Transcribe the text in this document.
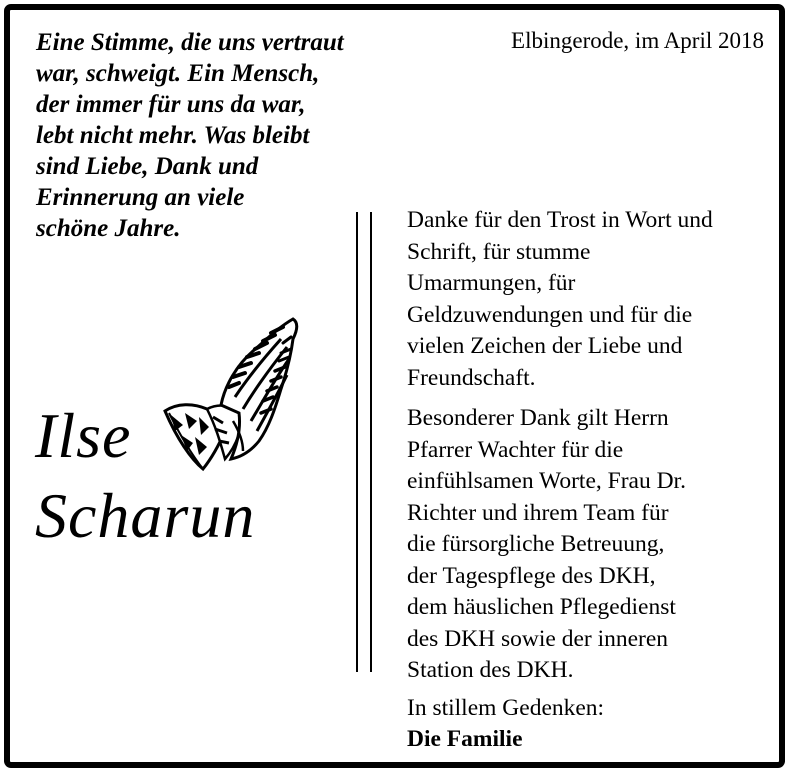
Eine Stimme, die uns vertraut
war, schweigt. Ein Mensch,
der immer für uns da war,
lebt nicht mehr. Was bleibt
sind Liebe, Dank und
Erinnerung an viele
schöne Jahre.
Elbingerode, im April 2018
Ilse
Scharun
Danke für den Trost in Wort und
Schrift, für stumme
Umarmungen, für
Geldzuwendungen und für die
vielen Zeichen der Liebe und
Freundschaft.
Besonderer Dank gilt Herrn
Pfarrer Wachter für die
einfühlsamen Worte, Frau Dr.
Richter und ihrem Team für
die fürsorgliche Betreuung,
der Tagespflege des DKH,
dem häuslichen Pflegedienst
des DKH sowie der inneren
Station des DKH.
In stillem Gedenken:
Die Familie
